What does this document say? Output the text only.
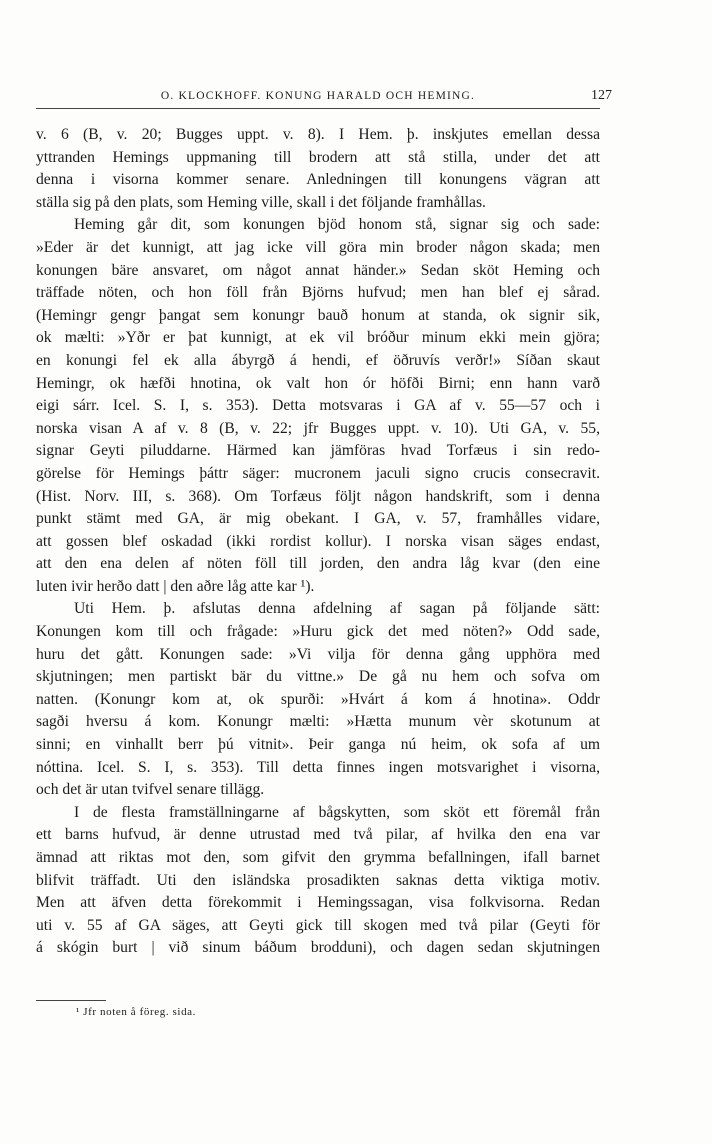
O. KLOCKHOFF. KONUNG HARALD OCH HEMING.	127
v. 6 (B, v. 20; Bugges uppt. v. 8). I Hem. þ. inskjutes emellan dessa
yttranden Hemings uppmaning till brodern att stå stilla, under det att
denna i visorna kommer senare. Anledningen till konungens vägran att
ställa sig på den plats, som Heming ville, skall i det följande framhållas.
Heming går dit, som konungen bjöd honom stå, signar sig och sade:
»Eder är det kunnigt, att jag icke vill göra min broder någon skada; men
konungen bäre ansvaret, om något annat händer.» Sedan sköt Heming och
träffade nöten, och hon föll från Björns hufvud; men han blef ej sårad.
(Hemingr gengr þangat sem konungr bauð honum at standa, ok signir sik,
ok mælti: »Yðr er þat kunnigt, at ek vil bróður minum ekki mein gjöra;
en konungi fel ek alla ábyrgð á hendi, ef öðruvís verðr!» Síðan skaut
Hemingr, ok hæfði hnotina, ok valt hon ór höfði Birni; enn hann varð
eigi sárr. Icel. S. I, s. 353). Detta motsvaras i GA af v. 55—57 och i
norska visan A af v. 8 (B, v. 22; jfr Bugges uppt. v. 10). Uti GA, v. 55,
signar Geyti piluddarne. Härmed kan jämföras hvad Torfæus i sin redo-
görelse för Hemings þáttr säger: mucronem jaculi signo crucis consecravit.
(Hist. Norv. III, s. 368). Om Torfæus följt någon handskrift, som i denna
punkt stämt med GA, är mig obekant. I GA, v. 57, framhålles vidare,
att gossen blef oskadad (ikki rordist kollur). I norska visan säges endast,
att den ena delen af nöten föll till jorden, den andra låg kvar (den eine
luten ivir herðo datt | den aðre låg atte kar ¹).
Uti Hem. þ. afslutas denna afdelning af sagan på följande sätt:
Konungen kom till och frågade: »Huru gick det med nöten?» Odd sade,
huru det gått. Konungen sade: »Vi vilja för denna gång upphöra med
skjutningen; men partiskt bär du vittne.» De gå nu hem och sofva om
natten. (Konungr kom at, ok spurði: »Hvárt á kom á hnotina». Oddr
sagði hversu á kom. Konungr mælti: »Hætta munum vèr skotunum at
sinni; en vinhallt berr þú vitnit». Þeir ganga nú heim, ok sofa af um
nóttina. Icel. S. I, s. 353). Till detta finnes ingen motsvarighet i visorna,
och det är utan tvifvel senare tillägg.
I de flesta framställningarne af bågskytten, som sköt ett föremål från
ett barns hufvud, är denne utrustad med två pilar, af hvilka den ena var
ämnad att riktas mot den, som gifvit den grymma befallningen, ifall barnet
blifvit träffadt. Uti den isländska prosadikten saknas detta viktiga motiv.
Men att äfven detta förekommit i Hemingssagan, visa folkvisorna. Redan
uti v. 55 af GA säges, att Geyti gick till skogen med två pilar (Geyti för
á skógin burt | við sinum báðum brodduni), och dagen sedan skjutningen
¹ Jfr noten å föreg. sida.
